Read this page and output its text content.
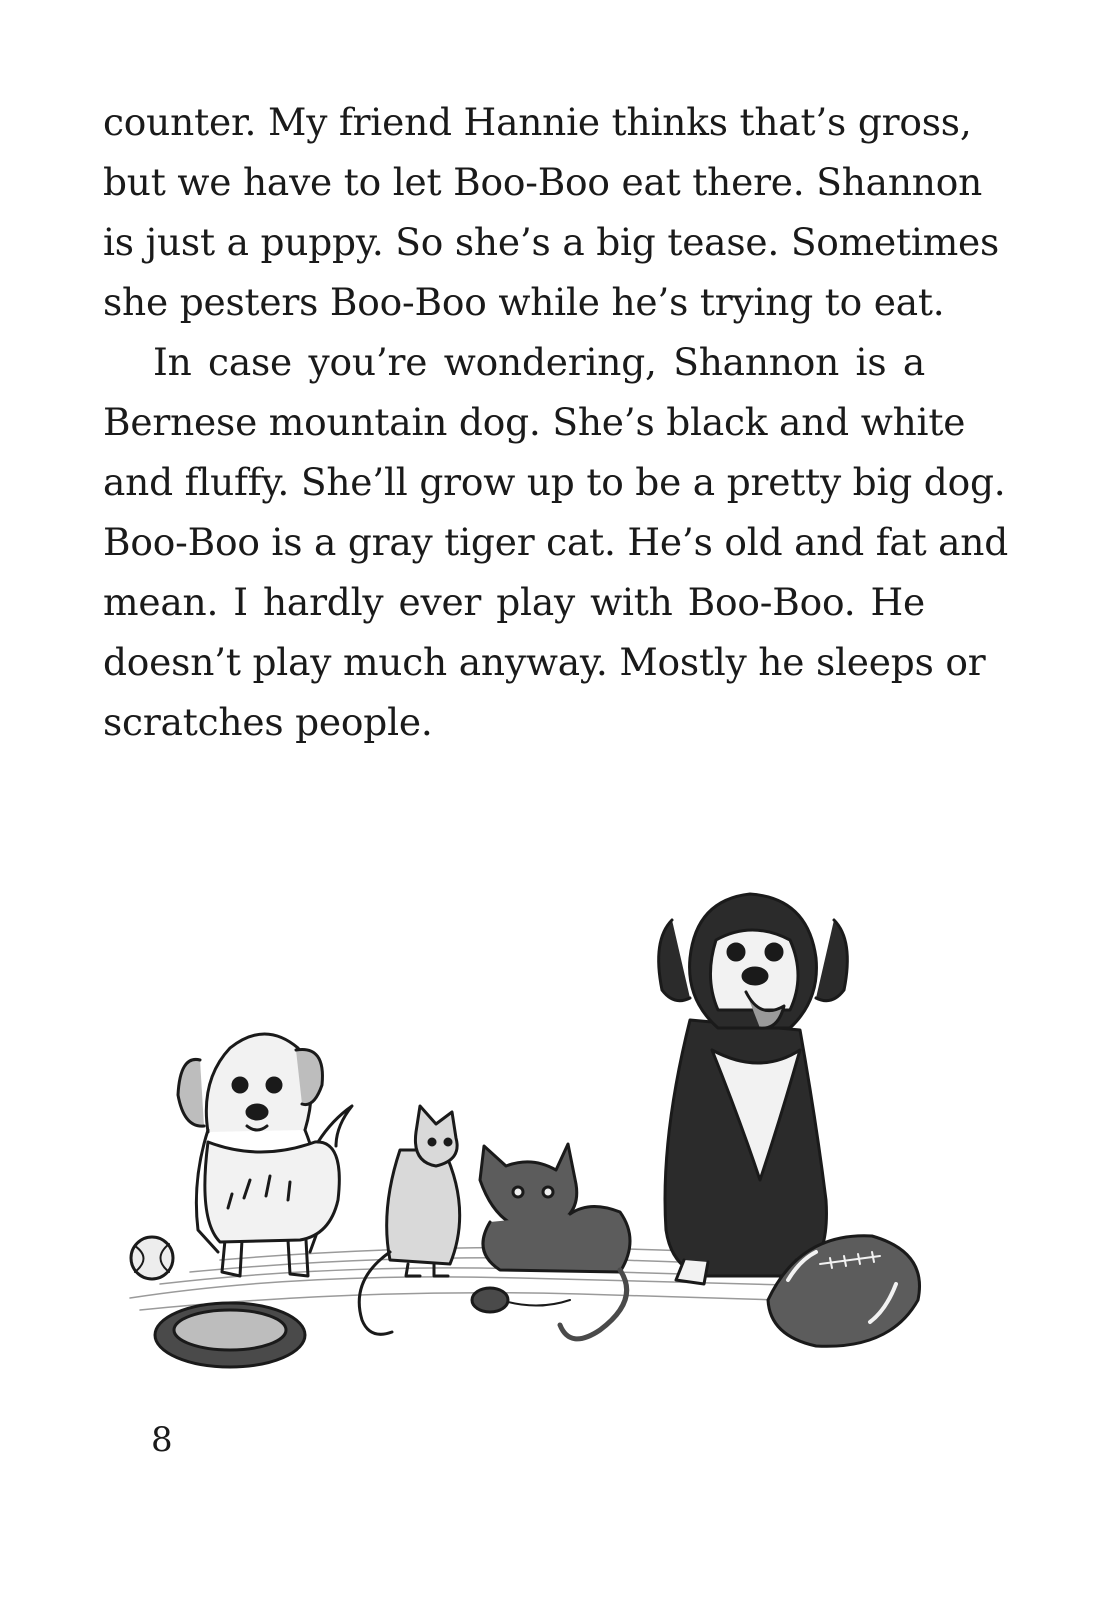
counter. My friend Hannie thinks that’s gross,
but we have to let Boo-Boo eat there. Shannon
is just a puppy. So she’s a big tease. Sometimes
she pesters Boo-Boo while he’s trying to eat.
In case you’re wondering, Shannon is a
Bernese mountain dog. She’s black and white
and fluffy. She’ll grow up to be a pretty big dog.
Boo-Boo is a gray tiger cat. He’s old and fat and
mean. I hardly ever play with Boo-Boo. He
doesn’t play much anyway. Mostly he sleeps or
scratches people.
8
